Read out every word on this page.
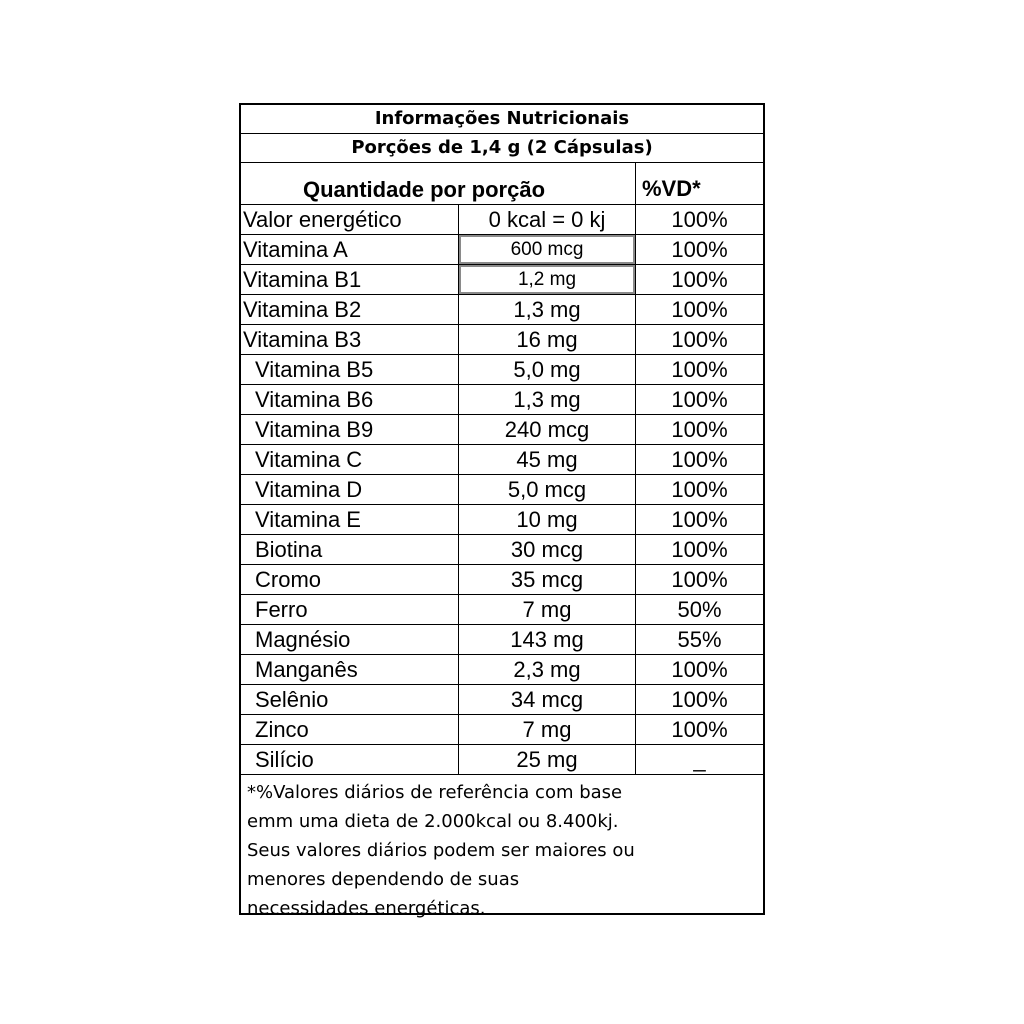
Informações Nutricionais
Porções de 1,4 g (2 Cápsulas)
Quantidade por porção	%VD*
Valor energético	0 kcal = 0 kj	100%
Vitamina A	600 mcg	100%
Vitamina B1	1,2 mg	100%
Vitamina B2	1,3 mg	100%
Vitamina B3	16 mg	100%
Vitamina B5	5,0 mg	100%
Vitamina B6	1,3 mg	100%
Vitamina B9	240 mcg	100%
Vitamina C	45 mg	100%
Vitamina D	5,0 mcg	100%
Vitamina E	10 mg	100%
Biotina	30 mcg	100%
Cromo	35 mcg	100%
Ferro	7 mg	50%
Magnésio	143 mg	55%
Manganês	2,3 mg	100%
Selênio	34 mcg	100%
Zinco	7 mg	100%
Silício	25 mg	_
*%Valores diários de referência com base
emm uma dieta de 2.000kcal ou 8.400kj.
Seus valores diários podem ser maiores ou
menores dependendo de suas
necessidades energéticas.
